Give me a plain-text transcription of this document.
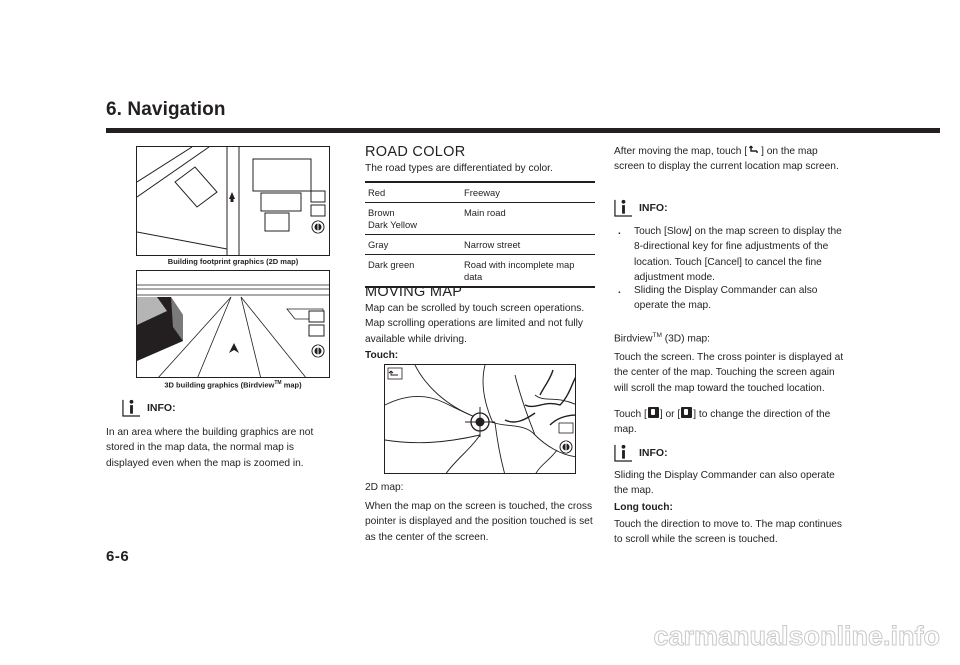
6. Navigation
Building footprint graphics (2D map)
3D building graphics (Birdview™ map)
INFO:
In an area where the building graphics are not stored in the map data, the normal map is displayed even when the map is zoomed in.
6-6
ROAD COLOR
The road types are differentiated by color.
Red	Freeway
Brown
Dark Yellow	Main road
Gray	Narrow street
Dark green	Road with incomplete map data
MOVING MAP
Map can be scrolled by touch screen operations. Map scrolling operations are limited and not fully available while driving.
Touch:
2D map:
When the map on the screen is touched, the cross pointer is displayed and the position touched is set as the center of the screen.
After moving the map, touch [ ] on the map screen to display the current location map screen.
INFO:
.	Touch [Slow] on the map screen to display the 8-directional key for fine adjustments of the location. Touch [Cancel] to cancel the fine adjustment mode.
.	Sliding the Display Commander can also operate the map.
Birdview™ (3D) map:
Touch the screen. The cross pointer is displayed at the center of the map. Touching the screen again will scroll the map toward the touched location.
Touch [ ] or [ ] to change the direction of the map.
INFO:
Sliding the Display Commander can also operate the map.
Long touch:
Touch the direction to move to. The map continues to scroll while the screen is touched.
carmanualsonline.info
